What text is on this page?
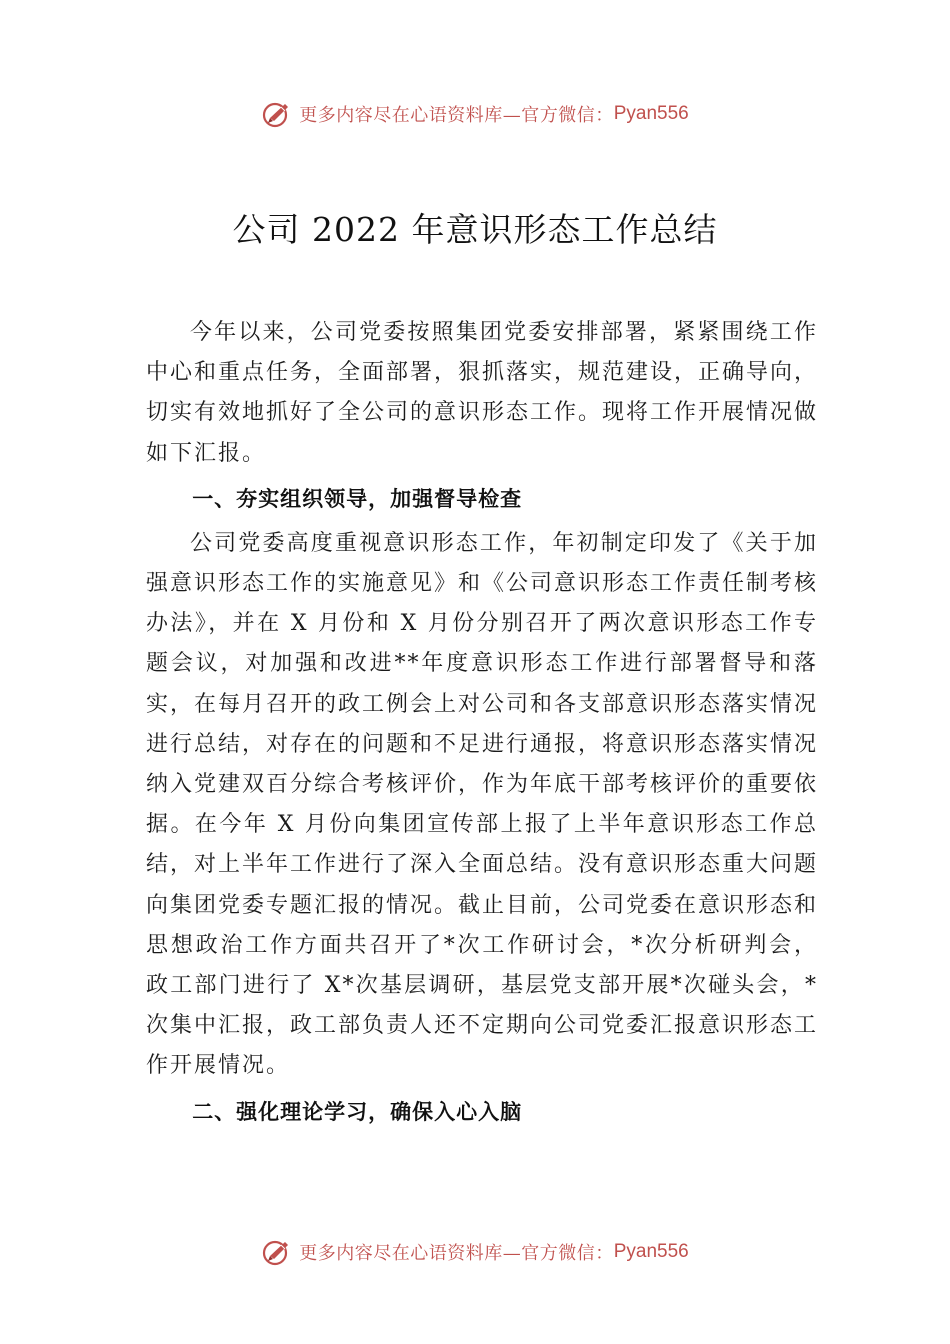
更多内容尽在心语资料库—官方微信： Pyan556
公司 2022 年意识形态工作总结

今年以来，公司党委按照集团党委安排部署，紧紧围绕工作中心和重点任务，全面部署，狠抓落实，规范建设，正确导向，切实有效地抓好了全公司的意识形态工作。现将工作开展情况做如下汇报。

一、夯实组织领导，加强督导检查

公司党委高度重视意识形态工作，年初制定印发了《关于加强意识形态工作的实施意见》和《公司意识形态工作责任制考核办法》，并在 X 月份和 X 月份分别召开了两次意识形态工作专题会议，对加强和改进**年度意识形态工作进行部署督导和落实，在每月召开的政工例会上对公司和各支部意识形态落实情况进行总结，对存在的问题和不足进行通报，将意识形态落实情况纳入党建双百分综合考核评价，作为年底干部考核评价的重要依据。在今年 X 月份向集团宣传部上报了上半年意识形态工作总结，对上半年工作进行了深入全面总结。没有意识形态重大问题向集团党委专题汇报的情况。截止目前，公司党委在意识形态和思想政治工作方面共召开了*次工作研讨会，*次分析研判会，政工部门进行了 X*次基层调研，基层党支部开展*次碰头会，*次集中汇报，政工部负责人还不定期向公司党委汇报意识形态工作开展情况。

二、强化理论学习，确保入心入脑
更多内容尽在心语资料库—官方微信： Pyan556
